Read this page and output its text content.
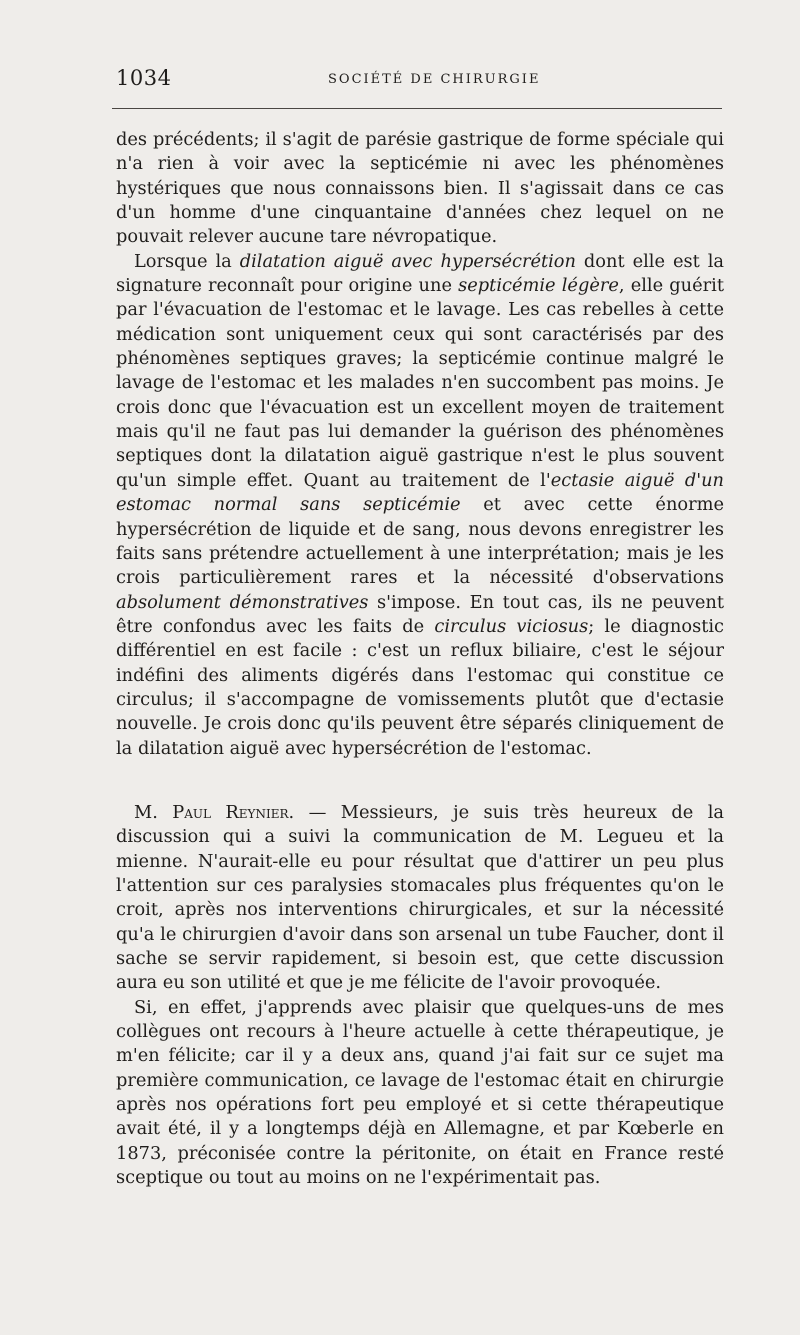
1034	SOCIÉTÉ DE CHIRURGIE

des précédents; il s'agit de parésie gastrique de forme spéciale qui n'a rien à voir avec la septicémie ni avec les phénomènes hystériques que nous connaissons bien. Il s'agissait dans ce cas d'un homme d'une cinquantaine d'années chez lequel on ne pouvait relever aucune tare névropatique.

Lorsque la dilatation aiguë avec hypersécrétion dont elle est la signature reconnaît pour origine une septicémie légère, elle guérit par l'évacuation de l'estomac et le lavage. Les cas rebelles à cette médication sont uniquement ceux qui sont caractérisés par des phénomènes septiques graves; la septicémie continue malgré le lavage de l'estomac et les malades n'en succombent pas moins. Je crois donc que l'évacuation est un excellent moyen de traitement mais qu'il ne faut pas lui demander la guérison des phénomènes septiques dont la dilatation aiguë gastrique n'est le plus souvent qu'un simple effet. Quant au traitement de l'ectasie aiguë d'un estomac normal sans septicémie et avec cette énorme hypersécrétion de liquide et de sang, nous devons enregistrer les faits sans prétendre actuellement à une interprétation; mais je les crois particulièrement rares et la nécessité d'observations absolument démonstratives s'impose. En tout cas, ils ne peuvent être confondus avec les faits de circulus viciosus; le diagnostic différentiel en est facile : c'est un reflux biliaire, c'est le séjour indéfini des aliments digérés dans l'estomac qui constitue ce circulus; il s'accompagne de vomissements plutôt que d'ectasie nouvelle. Je crois donc qu'ils peuvent être séparés cliniquement de la dilatation aiguë avec hypersécrétion de l'estomac.

M. Paul Reynier. — Messieurs, je suis très heureux de la discussion qui a suivi la communication de M. Legueu et la mienne. N'aurait-elle eu pour résultat que d'attirer un peu plus l'attention sur ces paralysies stomacales plus fréquentes qu'on le croit, après nos interventions chirurgicales, et sur la nécessité qu'a le chirurgien d'avoir dans son arsenal un tube Faucher, dont il sache se servir rapidement, si besoin est, que cette discussion aura eu son utilité et que je me félicite de l'avoir provoquée.

Si, en effet, j'apprends avec plaisir que quelques-uns de mes collègues ont recours à l'heure actuelle à cette thérapeutique, je m'en félicite; car il y a deux ans, quand j'ai fait sur ce sujet ma première communication, ce lavage de l'estomac était en chirurgie après nos opérations fort peu employé et si cette thérapeutique avait été, il y a longtemps déjà en Allemagne, et par Kœberle en 1873, préconisée contre la péritonite, on était en France resté sceptique ou tout au moins on ne l'expérimentait pas.
